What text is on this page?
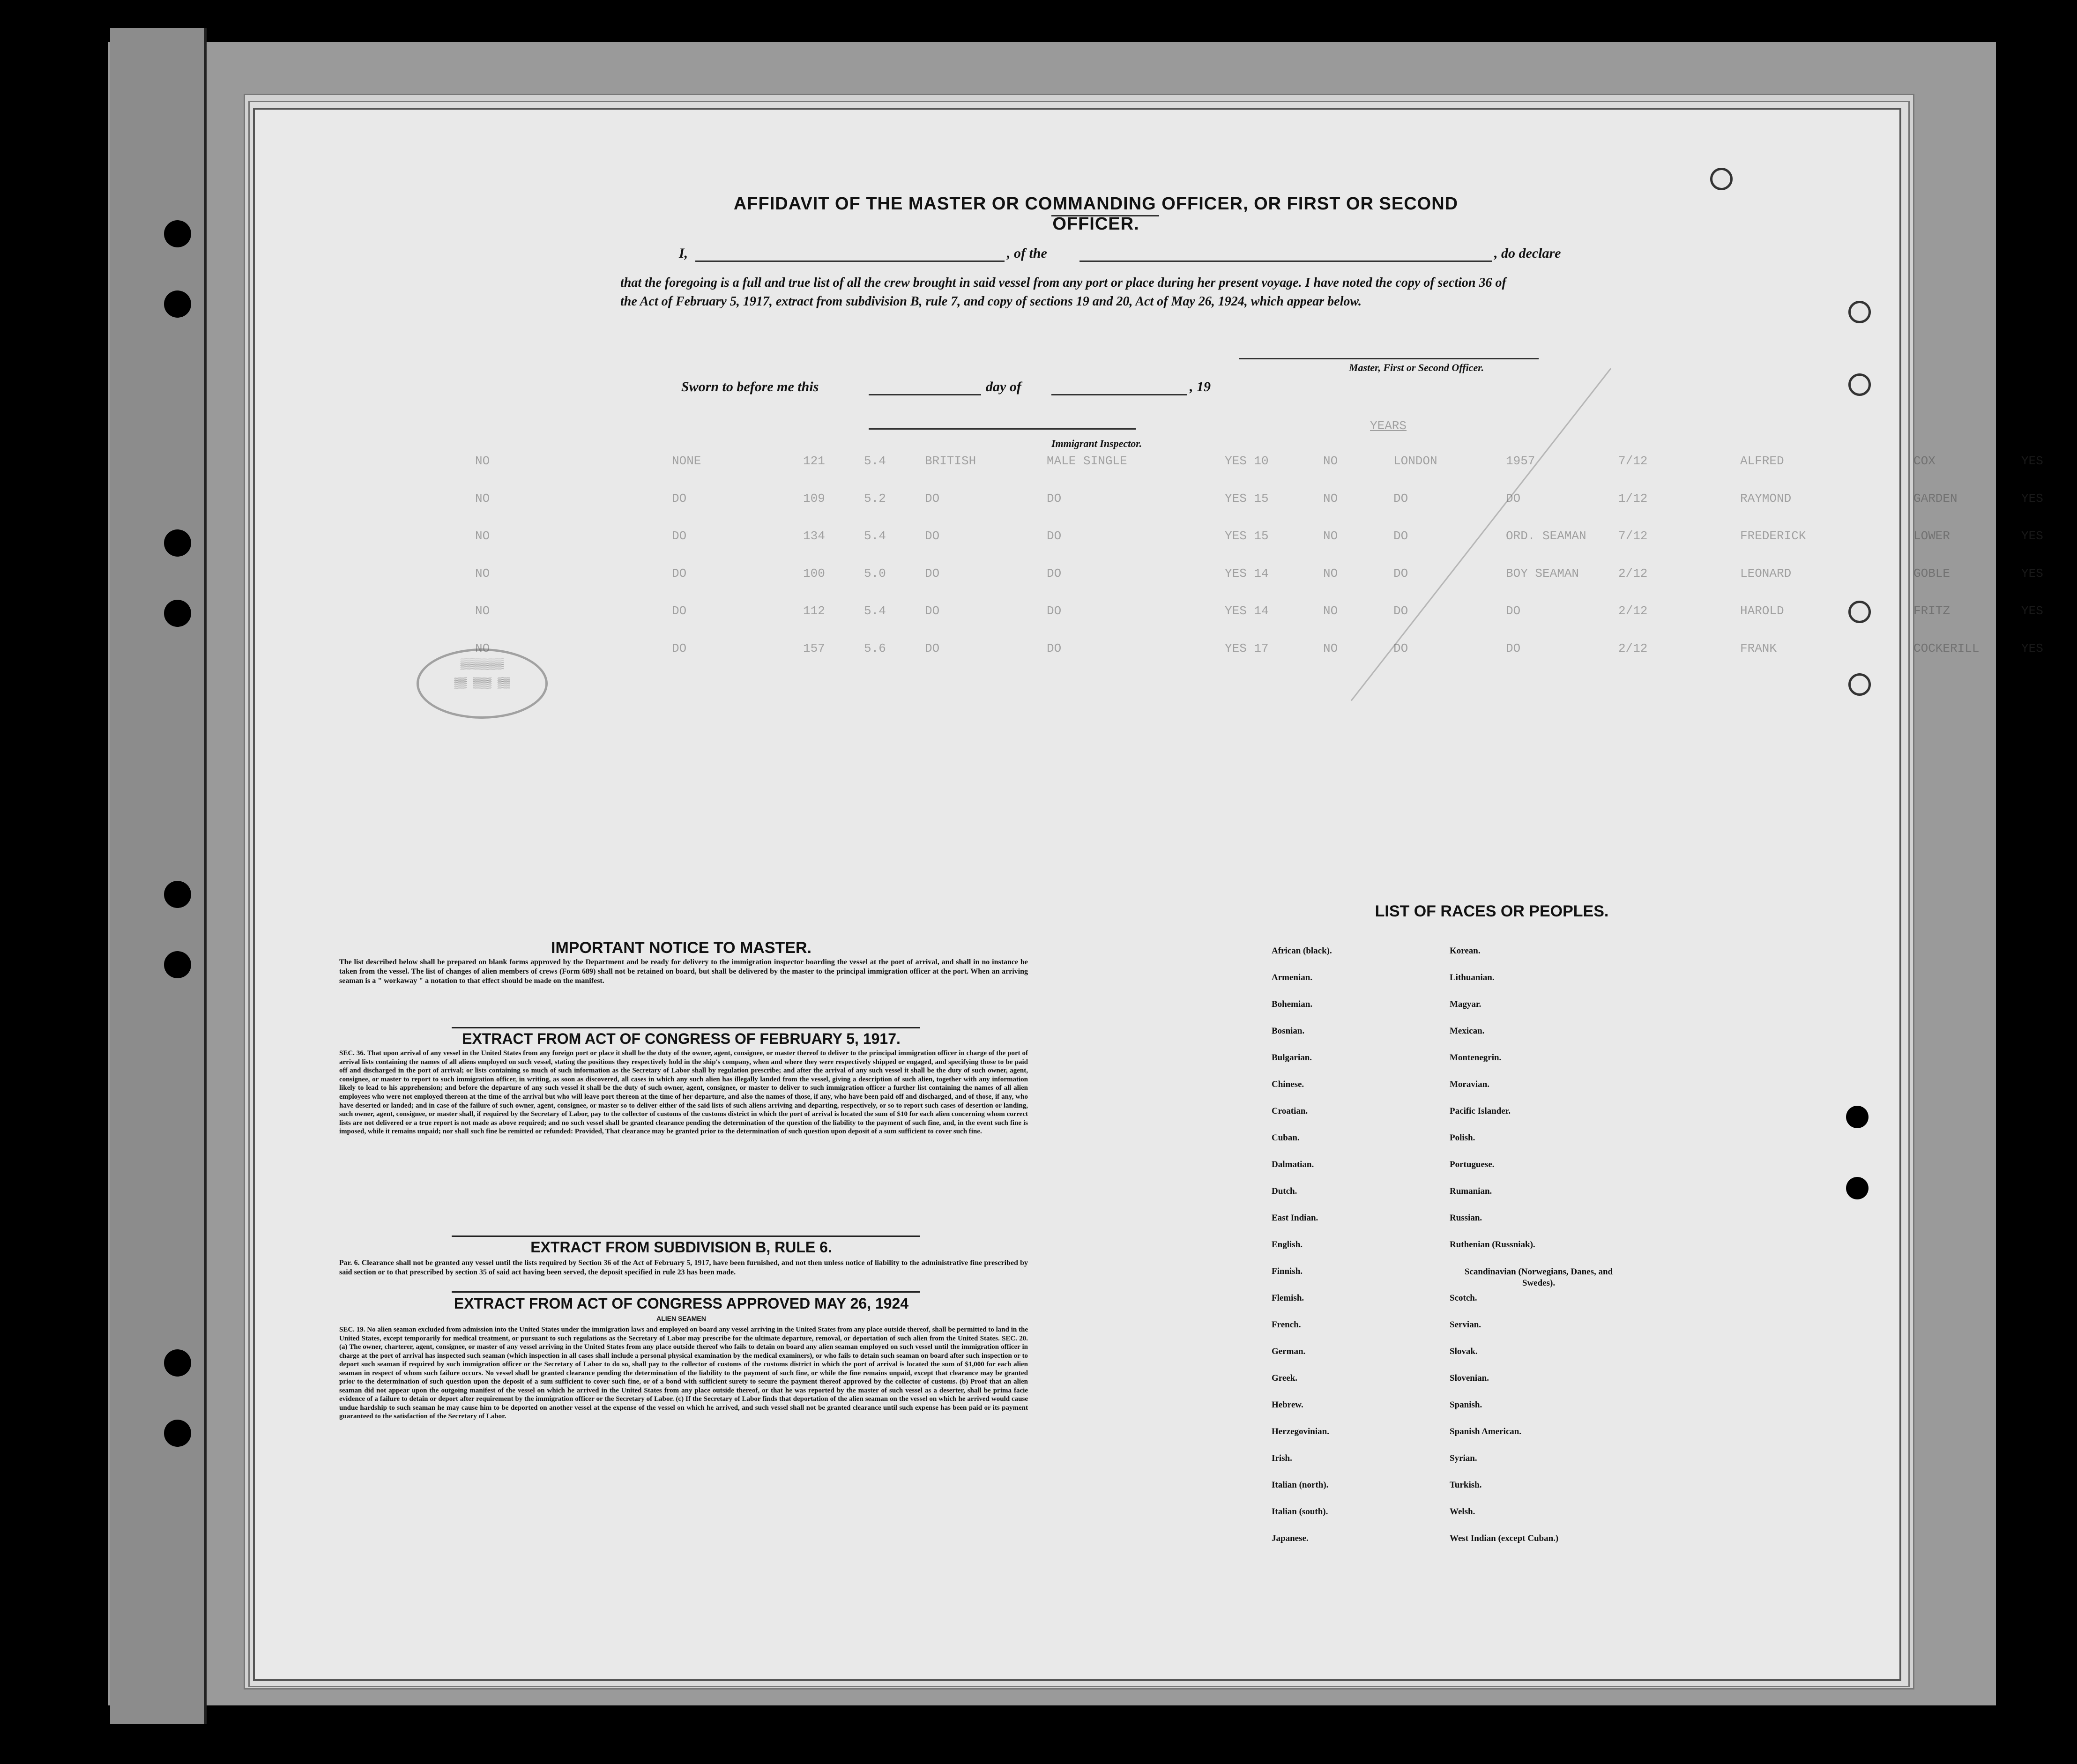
YEARS
NO	NONE	121	5.4	BRITISH	MALE SINGLE	YES 10	NO	LONDON	1957	7/12	ALFRED	COX	YES
NO	DO	109	5.2	DO	DO	YES 15	NO	DO	DO	1/12	RAYMOND	GARDEN	YES
NO	DO	134	5.4	DO	DO	YES 15	NO	DO	ORD. SEAMAN	7/12	FREDERICK	LOWER	YES
NO	DO	100	5.0	DO	DO	YES 14	NO	DO	BOY SEAMAN	2/12	LEONARD	GOBLE	YES
NO	DO	112	5.4	DO	DO	YES 14	NO	DO	DO	2/12	HAROLD	FRITZ	YES
NO	DO	157	5.6	DO	DO	YES 17	NO	DO	DO	2/12	FRANK	COCKERILL	YES
▒▒▒▒▒▒▒
▒▒ ▒▒▒ ▒▒
AFFIDAVIT OF THE MASTER OR COMMANDING OFFICER, OR FIRST OR SECOND OFFICER.
I,	, of the	, do declare
that the foregoing is a full and true list of all the crew brought in said vessel from any port or place during her present voyage. I have noted the copy of section 36 of the Act of February 5, 1917, extract from subdivision B, rule 7, and copy of sections 19 and 20, Act of May 26, 1924, which appear below.
Master, First or Second Officer.
Sworn to before me this	day of	, 19
Immigrant Inspector.
IMPORTANT NOTICE TO MASTER.
The list described below shall be prepared on blank forms approved by the Department and be ready for delivery to the immigration inspector boarding the vessel at the port of arrival, and shall in no instance be taken from the vessel. The list of changes of alien members of crews (Form 689) shall not be retained on board, but shall be delivered by the master to the principal immigration officer at the port. When an arriving seaman is a " workaway " a notation to that effect should be made on the manifest.
EXTRACT FROM ACT OF CONGRESS OF FEBRUARY 5, 1917.
SEC. 36. That upon arrival of any vessel in the United States from any foreign port or place it shall be the duty of the owner, agent, consignee, or master thereof to deliver to the principal immigration officer in charge of the port of arrival lists containing the names of all aliens employed on such vessel, stating the positions they respectively hold in the ship's company, when and where they were respectively shipped or engaged, and specifying those to be paid off and discharged in the port of arrival; or lists containing so much of such information as the Secretary of Labor shall by regulation prescribe; and after the arrival of any such vessel it shall be the duty of such owner, agent, consignee, or master to report to such immigration officer, in writing, as soon as discovered, all cases in which any such alien has illegally landed from the vessel, giving a description of such alien, together with any information likely to lead to his apprehension; and before the departure of any such vessel it shall be the duty of such owner, agent, consignee, or master to deliver to such immigration officer a further list containing the names of all alien employees who were not employed thereon at the time of the arrival but who will leave port thereon at the time of her departure, and also the names of those, if any, who have been paid off and discharged, and of those, if any, who have deserted or landed; and in case of the failure of such owner, agent, consignee, or master so to deliver either of the said lists of such aliens arriving and departing, respectively, or so to report such cases of desertion or landing, such owner, agent, consignee, or master shall, if required by the Secretary of Labor, pay to the collector of customs of the customs district in which the port of arrival is located the sum of $10 for each alien concerning whom correct lists are not delivered or a true report is not made as above required; and no such vessel shall be granted clearance pending the determination of the question of the liability to the payment of such fine, and, in the event such fine is imposed, while it remains unpaid; nor shall such fine be remitted or refunded: Provided, That clearance may be granted prior to the determination of such question upon deposit of a sum sufficient to cover such fine.
EXTRACT FROM SUBDIVISION B, RULE 6.
Par. 6. Clearance shall not be granted any vessel until the lists required by Section 36 of the Act of February 5, 1917, have been furnished, and not then unless notice of liability to the administrative fine prescribed by said section or to that prescribed by section 35 of said act having been served, the deposit specified in rule 23 has been made.
EXTRACT FROM ACT OF CONGRESS APPROVED MAY 26, 1924
ALIEN SEAMEN
SEC. 19. No alien seaman excluded from admission into the United States under the immigration laws and employed on board any vessel arriving in the United States from any place outside thereof, shall be permitted to land in the United States, except temporarily for medical treatment, or pursuant to such regulations as the Secretary of Labor may prescribe for the ultimate departure, removal, or deportation of such alien from the United States. SEC. 20. (a) The owner, charterer, agent, consignee, or master of any vessel arriving in the United States from any place outside thereof who fails to detain on board any alien seaman employed on such vessel until the immigration officer in charge at the port of arrival has inspected such seaman (which inspection in all cases shall include a personal physical examination by the medical examiners), or who fails to detain such seaman on board after such inspection or to deport such seaman if required by such immigration officer or the Secretary of Labor to do so, shall pay to the collector of customs of the customs district in which the port of arrival is located the sum of $1,000 for each alien seaman in respect of whom such failure occurs. No vessel shall be granted clearance pending the determination of the liability to the payment of such fine, or while the fine remains unpaid, except that clearance may be granted prior to the determination of such question upon the deposit of a sum sufficient to cover such fine, or of a bond with sufficient surety to secure the payment thereof approved by the collector of customs. (b) Proof that an alien seaman did not appear upon the outgoing manifest of the vessel on which he arrived in the United States from any place outside thereof, or that he was reported by the master of such vessel as a deserter, shall be prima facie evidence of a failure to detain or deport after requirement by the immigration officer or the Secretary of Labor. (c) If the Secretary of Labor finds that deportation of the alien seaman on the vessel on which he arrived would cause undue hardship to such seaman he may cause him to be deported on another vessel at the expense of the vessel on which he arrived, and such vessel shall not be granted clearance until such expense has been paid or its payment guaranteed to the satisfaction of the Secretary of Labor.
LIST OF RACES OR PEOPLES.
African (black).
Armenian.
Bohemian.
Bosnian.
Bulgarian.
Chinese.
Croatian.
Cuban.
Dalmatian.
Dutch.
East Indian.
English.
Finnish.
Flemish.
French.
German.
Greek.
Hebrew.
Herzegovinian.
Irish.
Italian (north).
Italian (south).
Japanese.
Korean.
Lithuanian.
Magyar.
Mexican.
Montenegrin.
Moravian.
Pacific Islander.
Polish.
Portuguese.
Rumanian.
Russian.
Ruthenian (Russniak).
Scandinavian (Norwegians, Danes, and Swedes).
Scotch.
Servian.
Slovak.
Slovenian.
Spanish.
Spanish American.
Syrian.
Turkish.
Welsh.
West Indian (except Cuban.)
